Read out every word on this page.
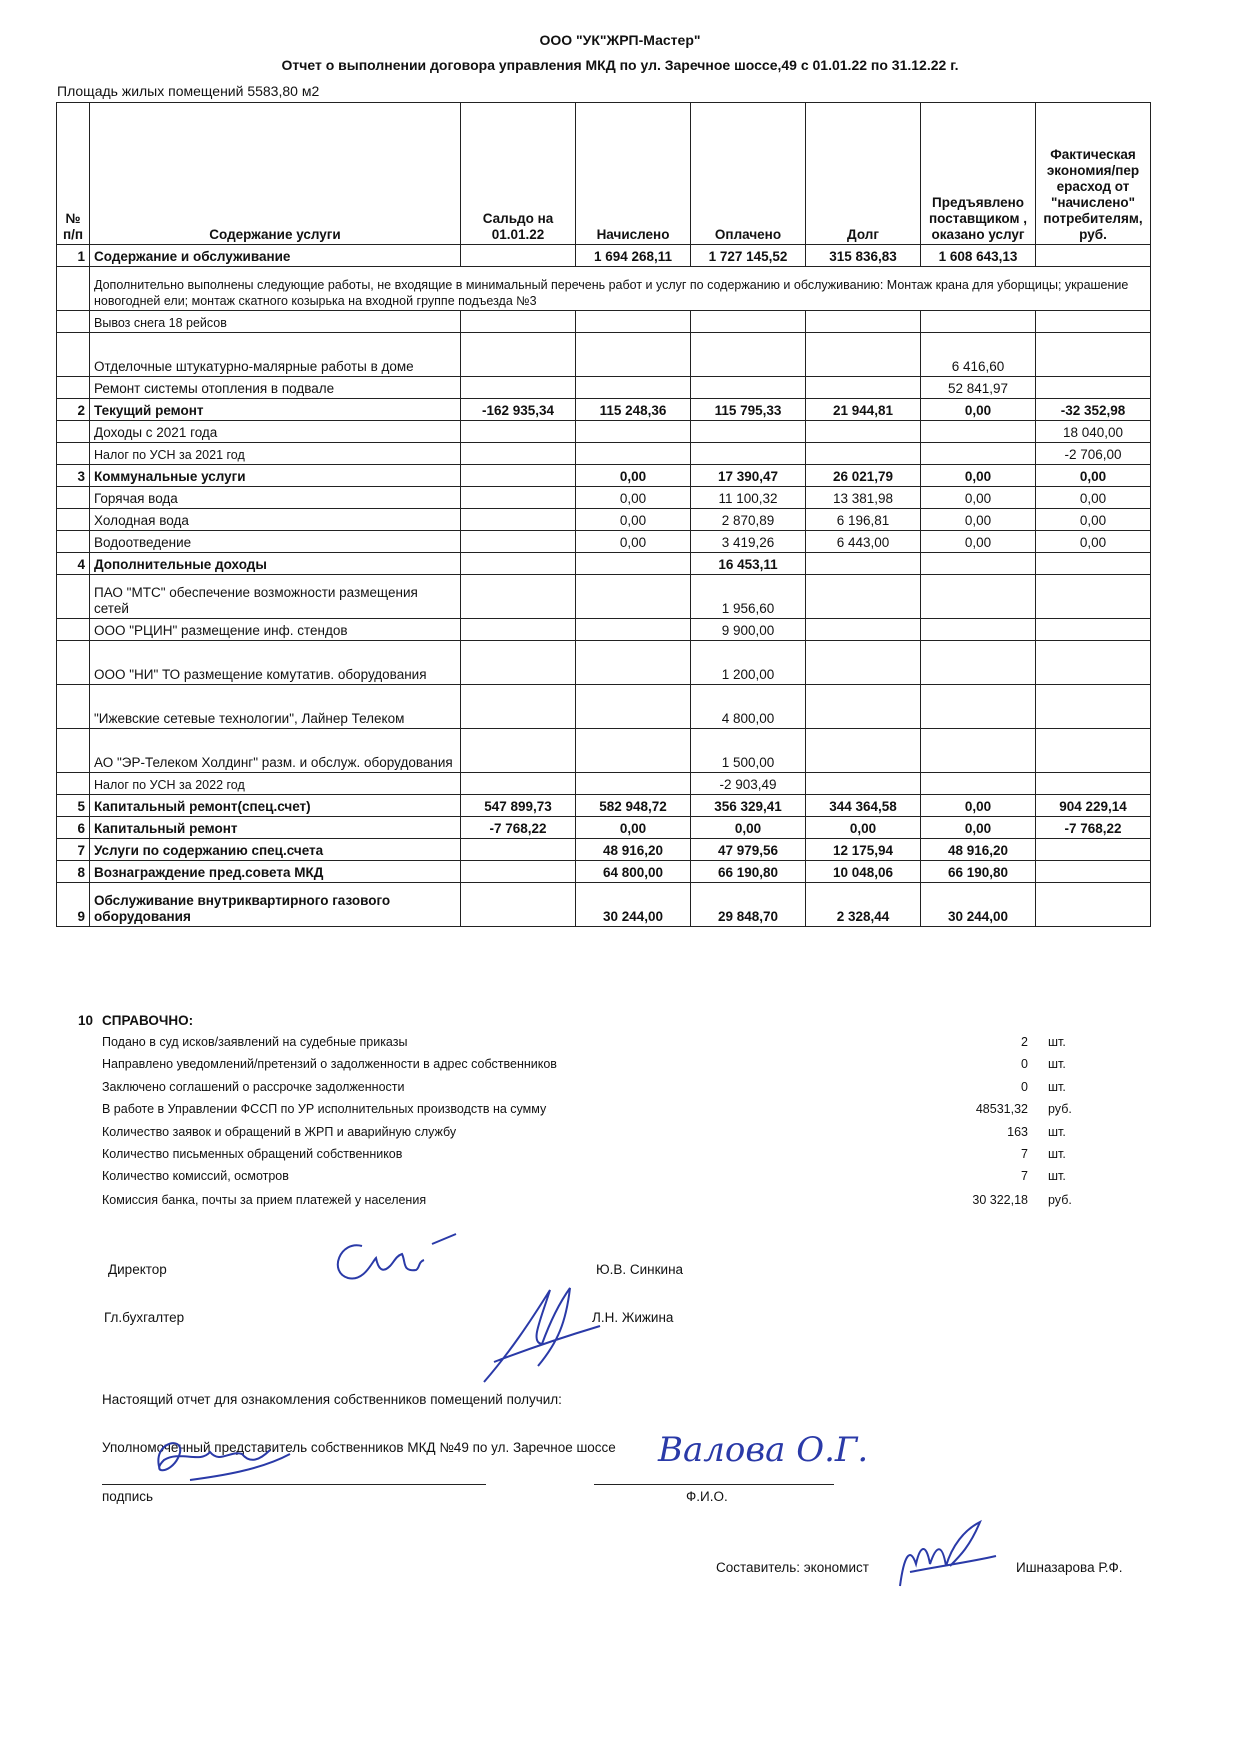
ООО "УК"ЖРП-Мастер"
Отчет о выполнении договора управления МКД по ул. Заречное шоссе,49 с 01.01.22 по 31.12.22 г.
Площадь жилых помещений 5583,80 м2
№ п/п	Содержание услуги	Сальдо на 01.01.22	Начислено	Оплачено	Долг	Предъявлено поставщиком , оказано услуг	Фактическая экономия/пер ерасход от "начислено" потребителям, руб.
1	Содержание и обслуживание		1 694 268,11	1 727 145,52	315 836,83	1 608 643,13	
	Дополнительно выполнены следующие работы, не входящие в минимальный перечень работ и услуг по содержанию и обслуживанию: Монтаж крана для уборщицы; украшение новогодней ели; монтаж скатного козырька на входной группе подъезда №3						
	Вывоз снега 18 рейсов						
	Отделочные штукатурно-малярные работы в доме					6 416,60	
	Ремонт системы отопления в подвале					52 841,97	
2	Текущий ремонт	-162 935,34	115 248,36	115 795,33	21 944,81	0,00	-32 352,98
	Доходы с 2021 года						18 040,00
	Налог по УСН за 2021 год						-2 706,00
3	Коммунальные услуги		0,00	17 390,47	26 021,79	0,00	0,00
	Горячая вода		0,00	11 100,32	13 381,98	0,00	0,00
	Холодная вода		0,00	2 870,89	6 196,81	0,00	0,00
	Водоотведение		0,00	3 419,26	6 443,00	0,00	0,00
4	Дополнительные доходы			16 453,11			
	ПАО "МТС" обеспечение возможности размещения сетей			1 956,60			
	ООО "РЦИН" размещение инф. стендов			9 900,00			
	ООО "НИ" ТО размещение комутатив. оборудования			1 200,00			
	"Ижевские сетевые технологии", Лайнер Телеком			4 800,00			
	АО "ЭР-Телеком Холдинг" разм. и обслуж. оборудования			1 500,00			
	Налог по УСН за 2022 год			-2 903,49			
5	Капитальный ремонт(спец.счет)	547 899,73	582 948,72	356 329,41	344 364,58	0,00	904 229,14
6	Капитальный ремонт	-7 768,22	0,00	0,00	0,00	0,00	-7 768,22
7	Услуги по содержанию спец.счета		48 916,20	47 979,56	12 175,94	48 916,20	
8	Вознаграждение пред.совета МКД		64 800,00	66 190,80	10 048,06	66 190,80	
9	Обслуживание внутриквартирного газового оборудования		30 244,00	29 848,70	2 328,44	30 244,00	
10 СПРАВОЧНО:
Подано в суд исков/заявлений на судебные приказы	2 шт.
Направлено уведомлений/претензий о задолженности в адрес собственников	0 шт.
Заключено соглашений о рассрочке задолженности	0 шт.
В работе в Управлении ФССП по УР исполнительных производств на сумму	48531,32 руб.
Количество заявок и обращений в ЖРП и аварийную службу	163 шт.
Количество письменных обращений собственников	7 шт.
Количество комиссий, осмотров	7 шт.
Комиссия банка, почты за прием платежей у населения	30 322,18 руб.
Директор	Ю.В. Синкина
Гл.бухгалтер	Л.Н. Жижина
Настоящий отчет для ознакомления собственников помещений получил:
Уполномоченный представитель собственников МКД №49 по ул. Заречное шоссе Валова О.Г.
подпись	Ф.И.О.
Составитель: экономист	Ишназарова Р.Ф.
